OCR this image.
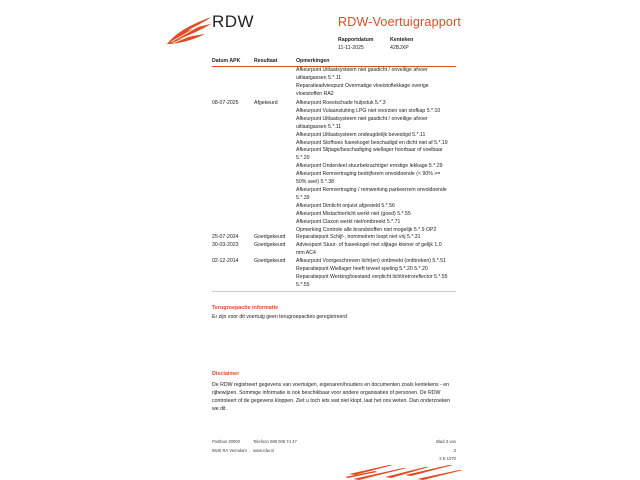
RDW	RDW-Voertuigrapport
Rapportdatum
11-11-2025
Kenteken
42BJXP
Datum APK	Resultaat	Opmerkingen
Afkeurpunt Uitlaatsysteem niet gasdicht / onveilige afvoer
uitlaatgassen 5.*.11
Reparatieadviespunt Overmatige vloeistoflekkage overige
vloeistoffen RA2
08-07-2025	Afgekeurd	Afkeurpunt Roestschade hulpstuk 5.*.3
Afkeurpunt Vulaansluiting LPG niet voorzien van stofkap 5.*.10
Afkeurpunt Uitlaatsysteem niet gasdicht / onveilige afvoer
uitlaatgassen 5.*.11
Afkeurpunt Uitlaatsysteem ondeugdelijk bevestigd 5.*.11
Afkeurpunt Stofhoes fuseekogel beschadigd en dicht niet af 5.*.19
Afkeurpunt Slijtage/beschadiging wiellager hoorbaar of voelbaar
5.*.20
Afkeurpunt Onderdeel stuurbekrachtiger ernstige lekkage 5.*.29
Afkeurpunt Remvertraging bedrijfsrem onvoldoende (< 90% >=
50% avel) 5.*.38
Afkeurpunt Remvertraging / remwerking parkeerrem onvoldoende
5.*.39
Afkeurpunt Dimlicht onjuist afgesteld 5.*.56
Afkeurpunt Mistachterlicht werkt niet (goed) 5.*.55
Afkeurpunt Claxon werkt niet/ontbreekt 5.*.71
Opmerking Controle alle brandstoffen niet mogelijk 5.*.9 OP2
25-07-2024	Goedgekeurd	Reparatiepunt Schijf-, trommelrem loopt niet vrij 5.*.31
30-03-2023	Goedgekeurd	Adviespunt Stuur- of fuseekogel met slijtage kleiner of gelijk 1,0
mm AC4
02-12-2014	Goedgekeurd	Afkeurpunt Voorgeschreven licht(en) ontbreekt (ontbreken) 5.*.51
Reparatiepunt Wiellager heeft teveel speling 5.*.20 5.*.20
Reparatiepunt Werking/toestand verplicht licht/retroreflector 5.*.55
5.*.55
Terugroepactie informatie
Er zijn voor dit voertuig geen terugroepacties geregistreerd
Disclaimer
De RDW registreert gegevens van voertuigen, eigenaren/houders en documenten zoals kentekens - en
rijbewijzen. Sommige informatie is ook beschikbaar voor andere organisaties of personen. De RDW
controleert of de gegevens kloppen. Ziet u toch iets wat niet klopt, laat het ons weten. Dan onderzoeken
we dit.
Postbus 30000
9640 RA Veendam
Telefoon 088 008 74 47
www.rdw.nl
Blad 3 van 3
3 E 1070
